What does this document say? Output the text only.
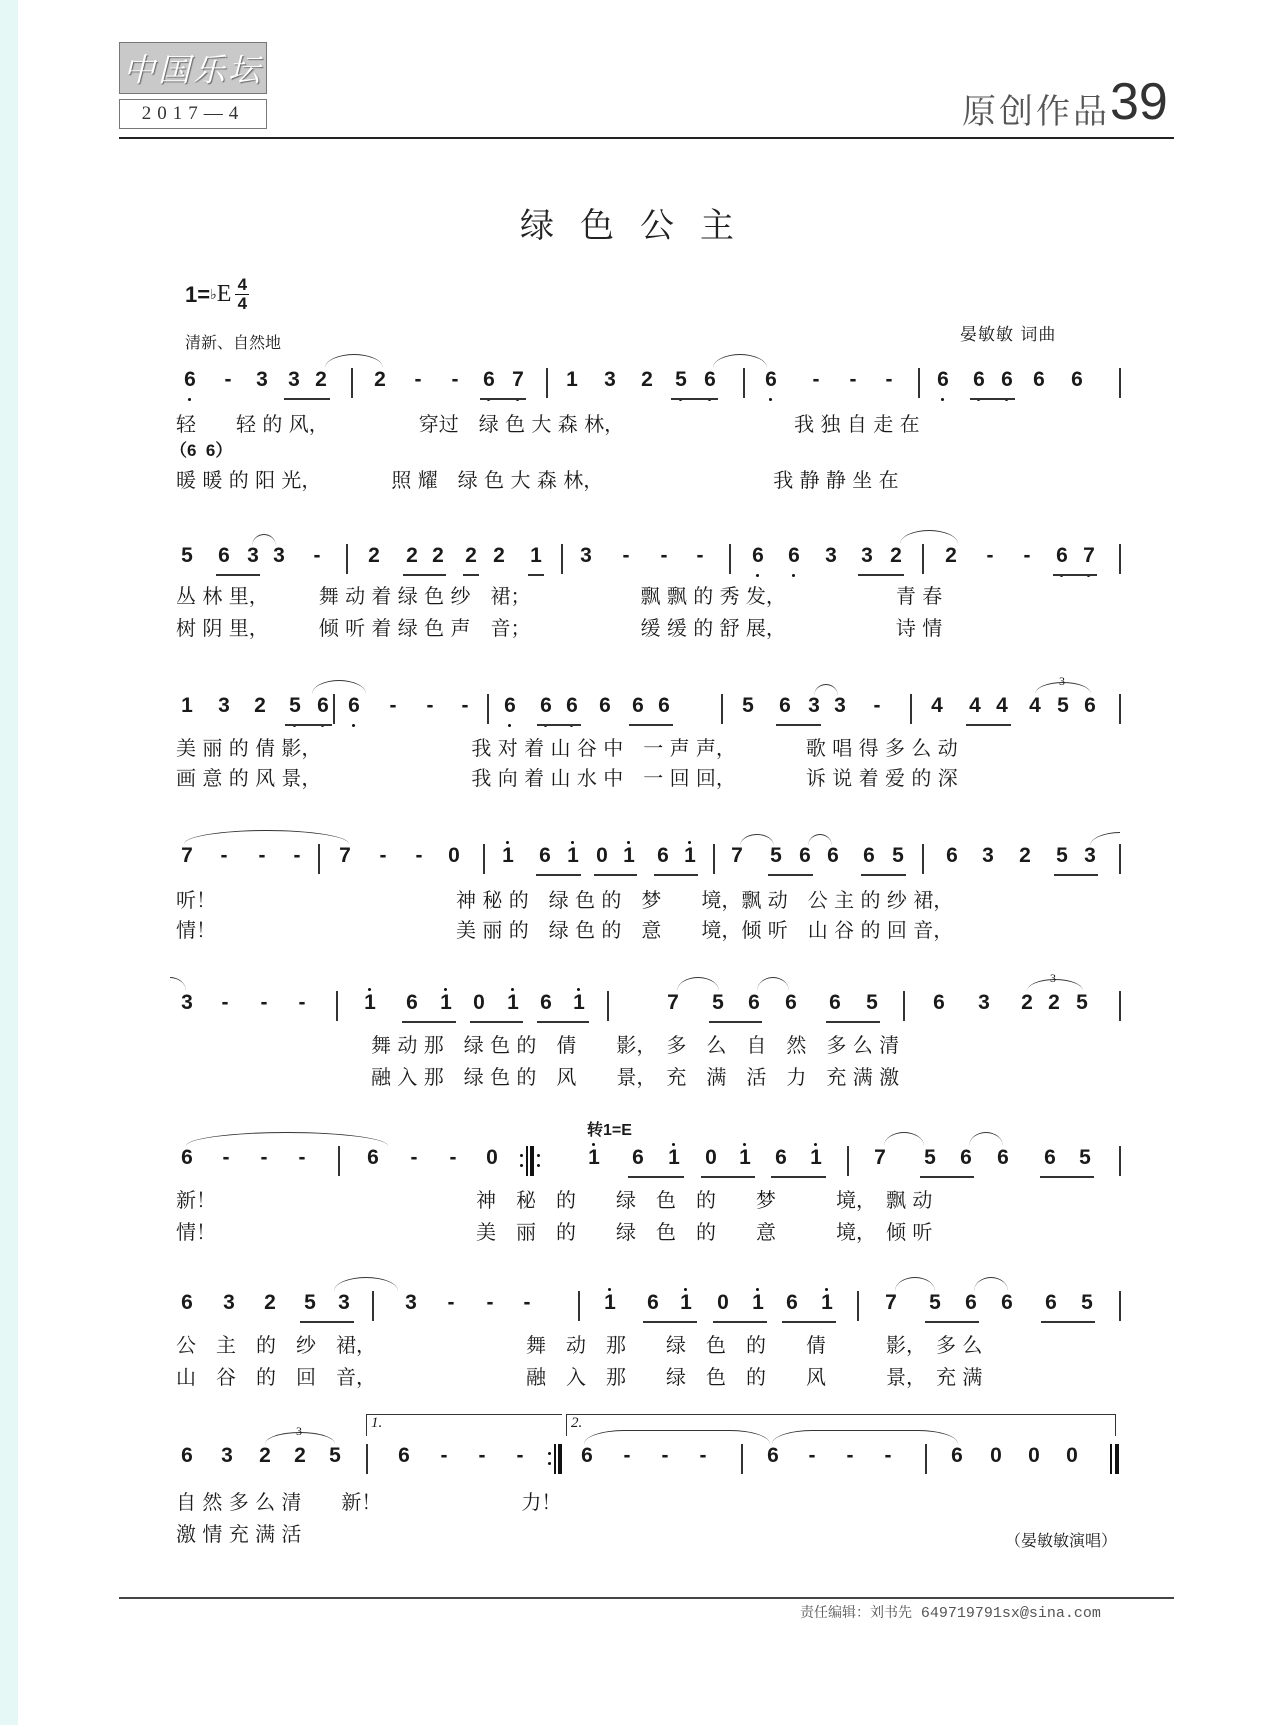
中国乐坛
2017—4	原创作品 39
绿色公主
1= ♭ E 4
4
清新、自然地	晏敏敏 词曲
6 - 3 3 2 2 - - 6 7 1 3 2 5 6 6 - - - 6 6 6 6 6
轻　　轻 的 风，　　　　　穿过　绿 色 大 森 林，　　　　　　　　　我 独 自 走 在
（6  6）
暖 暖 的 阳 光，　　　　照 耀　绿 色 大 森 林，　　　　　　　　　我 静 静 坐 在
5 6 3 3 - 2 2 2 2 2 1 3 - - - 6 6 3 3 2 2 - - 6 7
丛 林 里，　　　舞 动 着 绿 色 纱　裙；　　　　　　飘 飘 的 秀 发，　　　　　　青 春
树 阴 里，　　　倾 听 着 绿 色 声　音；　　　　　　缓 缓 的 舒 展，　　　　　　诗 情
1 3 2 5 6 6 - - - 6 6 6 6 6 6	5 6 3 3 - 4 4 4 4 5 6
3
美 丽 的 倩 影，　　　　　　　　我 对 着 山 谷 中　一 声 声，　　　　歌 唱 得 多 么 动
画 意 的 风 景，　　　　　　　　我 向 着 山 水 中　一 回 回，　　　　诉 说 着 爱 的 深
7 - - - 7 - - 0 1 6 1 0 1 6 1 7 5 6 6 6 5 6 3 2 5 3
听！　　　　　　　　　　　　神 秘 的　绿 色 的　梦　　境，飘 动　公 主 的 纱 裙，
情！　　　　　　　　　　　　美 丽 的　绿 色 的　意　　境，倾 听　山 谷 的 回 音，
3 - - -	1 6 1 0 1 6 1	7 5 6 6 6 5	6 3 2 2 5
3
舞 动 那　绿 色 的　倩　　影，　多　么　自　然　多 么 清
融 入 那　绿 色 的　风　　景，　充　满　活　力　充 满 激
转1=E
6 - - -	6 - - 0	1 6 1 0 1 6 1 7 5 6 6 6 5
新！　　　　　　　　　　　　　神　秘　的　　绿　色　的　　梦　　　境，　飘 动
情！　　　　　　　　　　　　　美　丽　的　　绿　色　的　　意　　　境，　倾 听
6 3 2 5 3	3 - - -	1 6 1 0 1 6 1 7 5 6 6 6 5
公　主　的　纱　裙，　　　　　　　　舞　动　那　　绿　色　的　　倩　　　影，　多 么
山　谷　的　回　音，　　　　　　　　融　入　那　　绿　色　的　　风　　　景，　充 满
1.	2.
6 3 2 2 5
3
6 - - -	6 - - -	6 - - -	6 0 0 0
自 然 多 么 清　　新！　　　　　　　力！
激 情 充 满 活	（晏敏敏演唱）
责任编辑：刘书先 649719791sx@sina.com
